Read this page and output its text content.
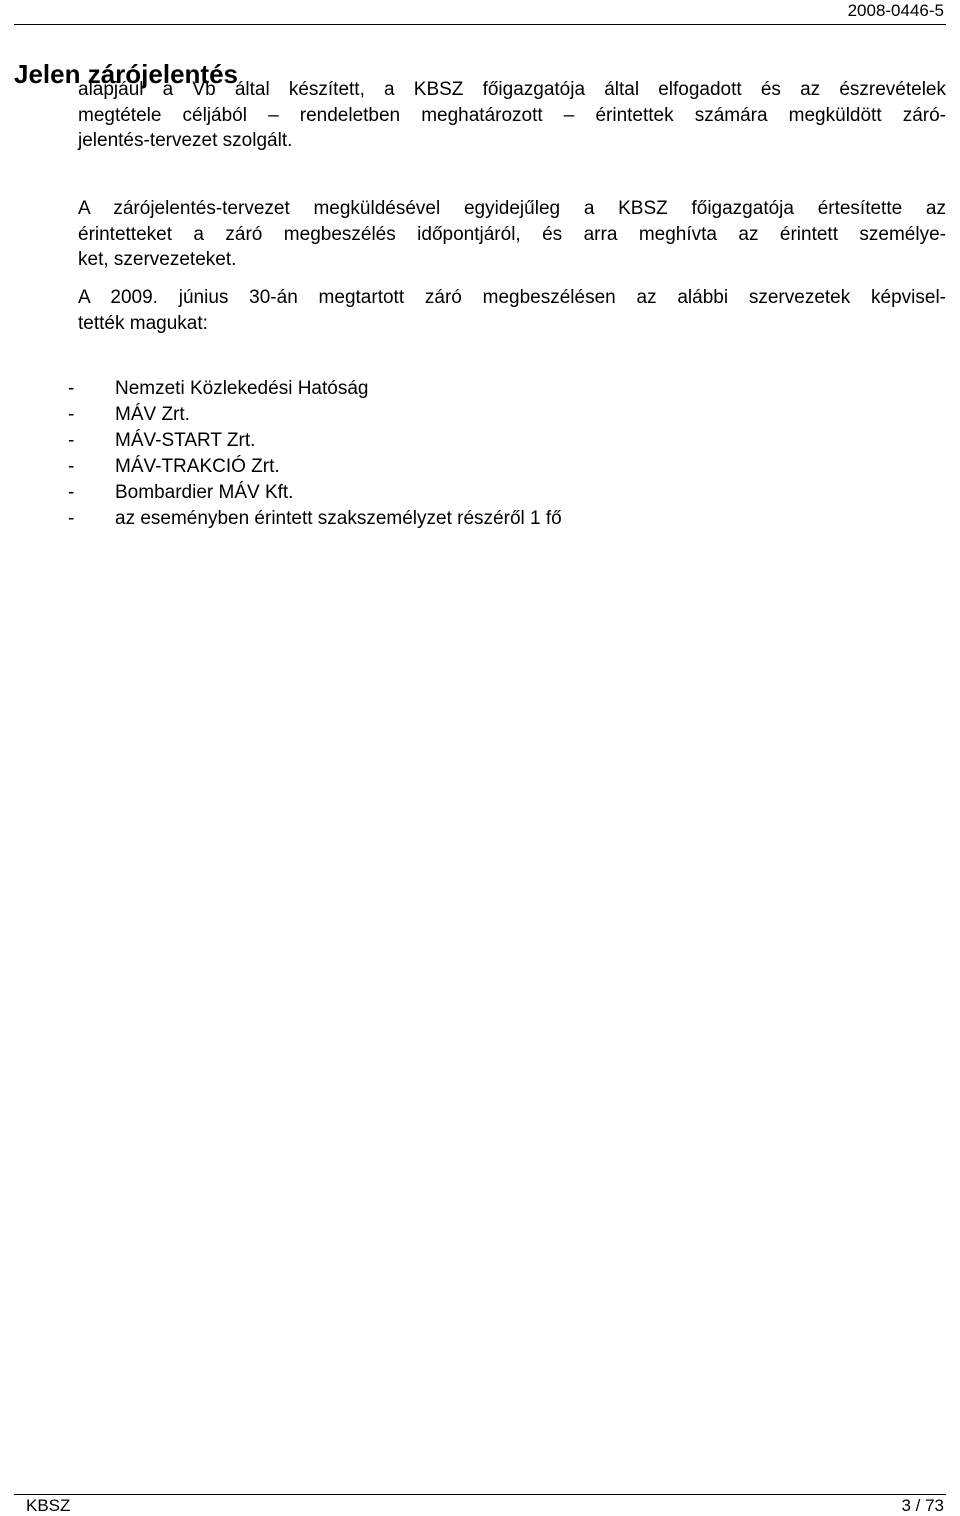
2008-0446-5
Jelen zárójelentés

alapjául a Vb által készített, a KBSZ főigazgatója által elfogadott és az észrevételek
megtétele céljából – rendeletben meghatározott – érintettek számára megküldött záró-
jelentés-tervezet szolgált.

A zárójelentés-tervezet megküldésével egyidejűleg a KBSZ főigazgatója értesítette az
érintetteket a záró megbeszélés időpontjáról, és arra meghívta az érintett személye-
ket, szervezeteket.

A 2009. június 30-án megtartott záró megbeszélésen az alábbi szervezetek képvisel-
tették magukat:

-	Nemzeti Közlekedési Hatóság
-	MÁV Zrt.
-	MÁV-START Zrt.
-	MÁV-TRAKCIÓ Zrt.
-	Bombardier MÁV Kft.
-	az eseményben érintett szakszemélyzet részéről 1 fő
KBSZ	3 / 73
